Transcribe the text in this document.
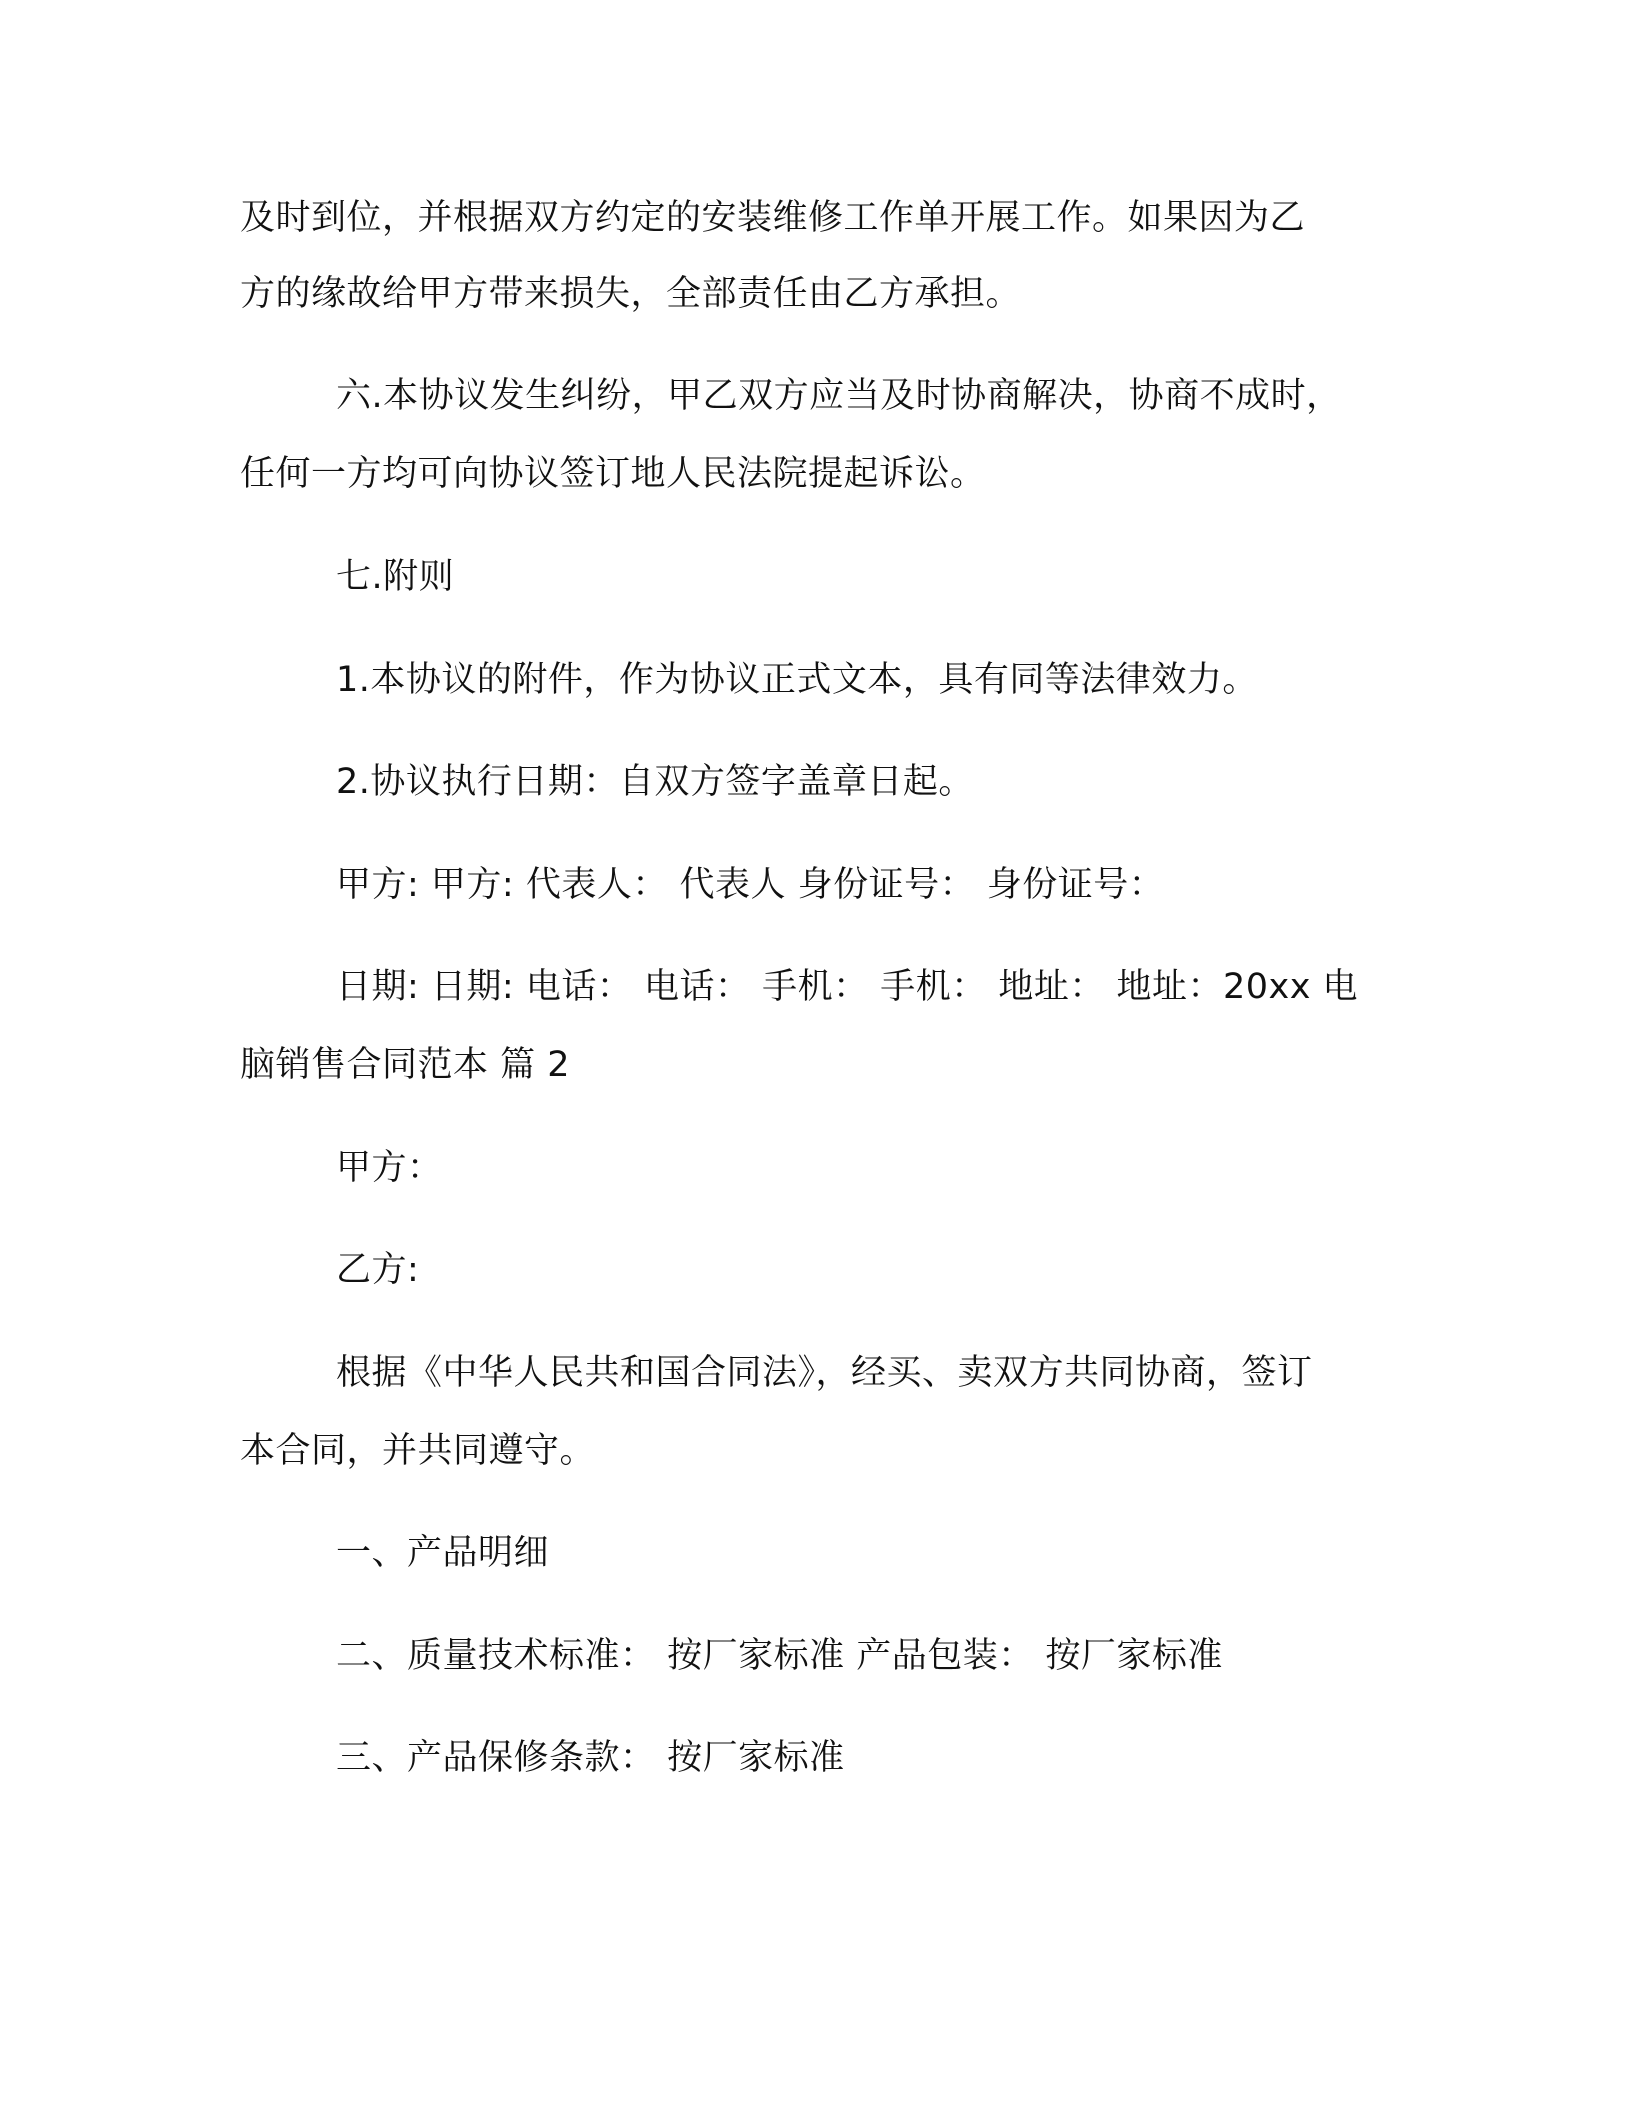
及时到位，并根据双方约定的安装维修工作单开展工作。如果因为乙
方的缘故给甲方带来损失，全部责任由乙方承担。
六.本协议发生纠纷，甲乙双方应当及时协商解决，协商不成时，
任何一方均可向协议签订地人民法院提起诉讼。
七.附则
1.本协议的附件，作为协议正式文本，具有同等法律效力。
2.协议执行日期：自双方签字盖章日起。
甲方: 甲方: 代表人： 代表人 身份证号： 身份证号：
日期: 日期: 电话： 电话： 手机： 手机： 地址： 地址：20xx 电
脑销售合同范本 篇 2
甲方：
乙方:
根据《中华人民共和国合同法》，经买、卖双方共同协商，签订
本合同，并共同遵守。
一、产品明细
二、质量技术标准： 按厂家标准 产品包装： 按厂家标准
三、产品保修条款： 按厂家标准
